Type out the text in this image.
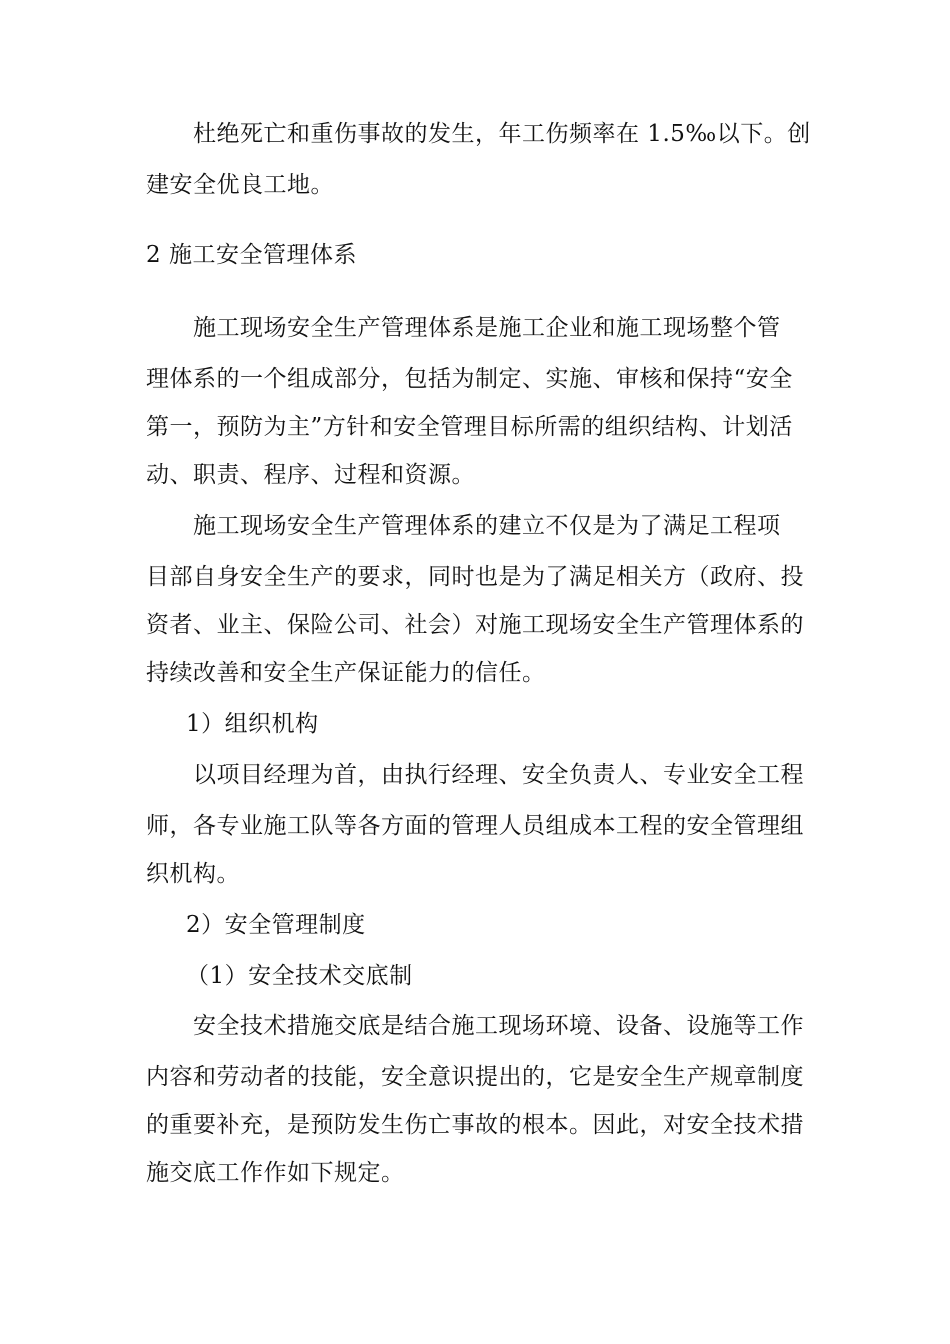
杜绝死亡和重伤事故的发生，年工伤频率在 1.5‰以下。创
建安全优良工地。
2 施工安全管理体系
施工现场安全生产管理体系是施工企业和施工现场整个管
理体系的一个组成部分，包括为制定、实施、审核和保持“安全
第一，预防为主”方针和安全管理目标所需的组织结构、计划活
动、职责、程序、过程和资源。
施工现场安全生产管理体系的建立不仅是为了满足工程项
目部自身安全生产的要求，同时也是为了满足相关方（政府、投
资者、业主、保险公司、社会）对施工现场安全生产管理体系的
持续改善和安全生产保证能力的信任。
1）组织机构
以项目经理为首，由执行经理、安全负责人、专业安全工程
师，各专业施工队等各方面的管理人员组成本工程的安全管理组
织机构。
2）安全管理制度
（1）安全技术交底制
安全技术措施交底是结合施工现场环境、设备、设施等工作
内容和劳动者的技能，安全意识提出的，它是安全生产规章制度
的重要补充，是预防发生伤亡事故的根本。因此，对安全技术措
施交底工作作如下规定。
